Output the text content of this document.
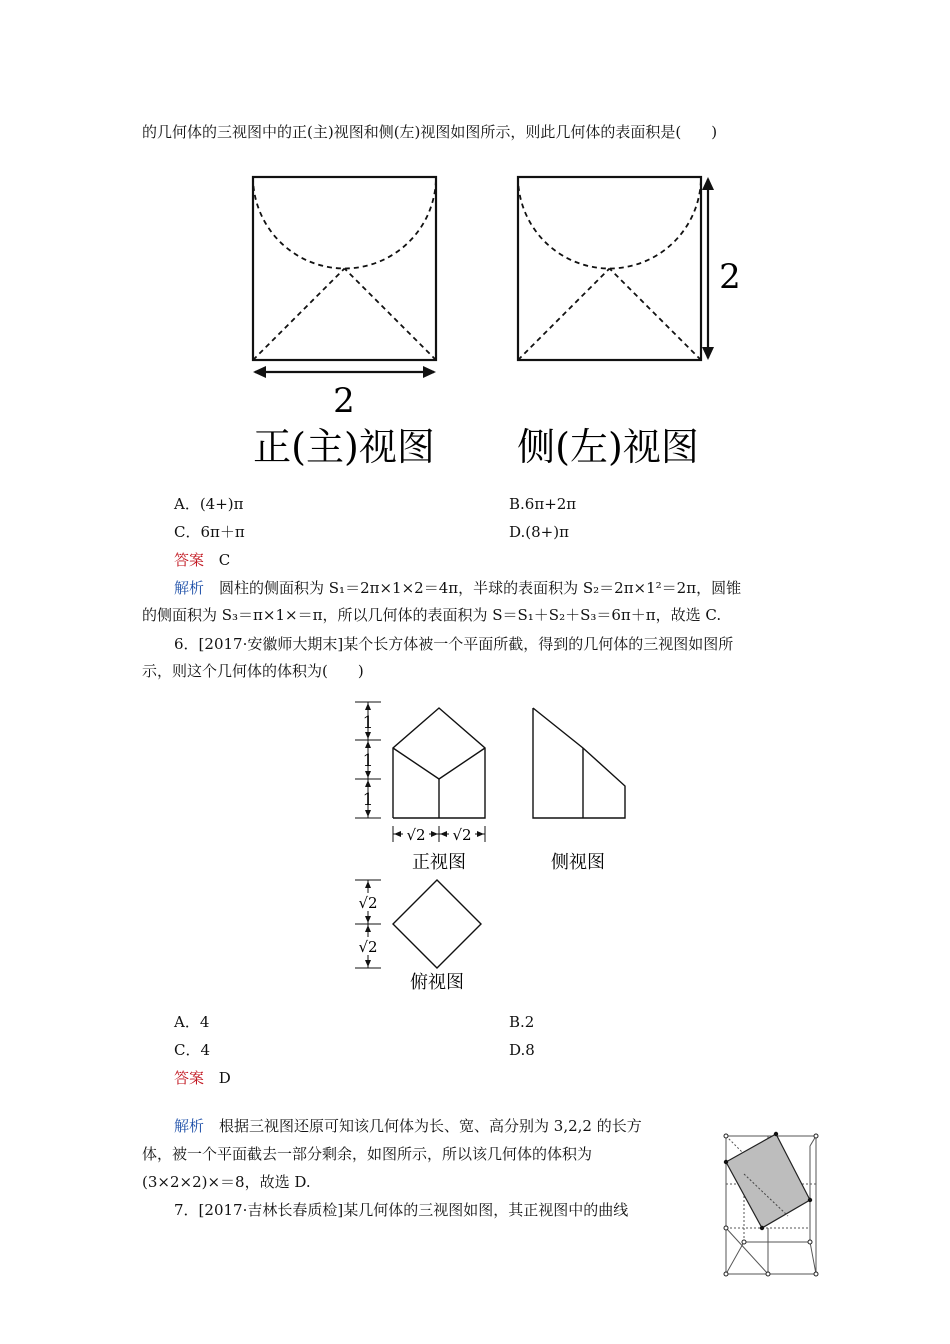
的几何体的三视图中的正(主)视图和侧(左)视图如图所示，则此几何体的表面积是(　　)
2
正(主)视图
2
侧(左)视图
A．(4+)π	B.6π+2π
C．6π＋π	D.(8+)π
答案 C
解析　圆柱的侧面积为 S₁＝2π×1×2＝4π，半球的表面积为 S₂＝2π×1²＝2π，圆锥
的侧面积为 S₃＝π×1×＝π，所以几何体的表面积为 S＝S₁＋S₂＋S₃＝6π＋π，故选 C.
6．[2017·安徽师大期末]某个长方体被一个平面所截，得到的几何体的三视图如图所
示，则这个几何体的体积为(　　)
1
1
1
√2 √2
正视图	侧视图
√2
√2
俯视图
A．4	B.2
C．4	D.8
答案 D
解析　根据三视图还原可知该几何体为长、宽、高分别为 3,2,2 的长方
体，被一个平面截去一部分剩余，如图所示，所以该几何体的体积为
(3×2×2)×＝8，故选 D.
7．[2017·吉林长春质检]某几何体的三视图如图，其正视图中的曲线
